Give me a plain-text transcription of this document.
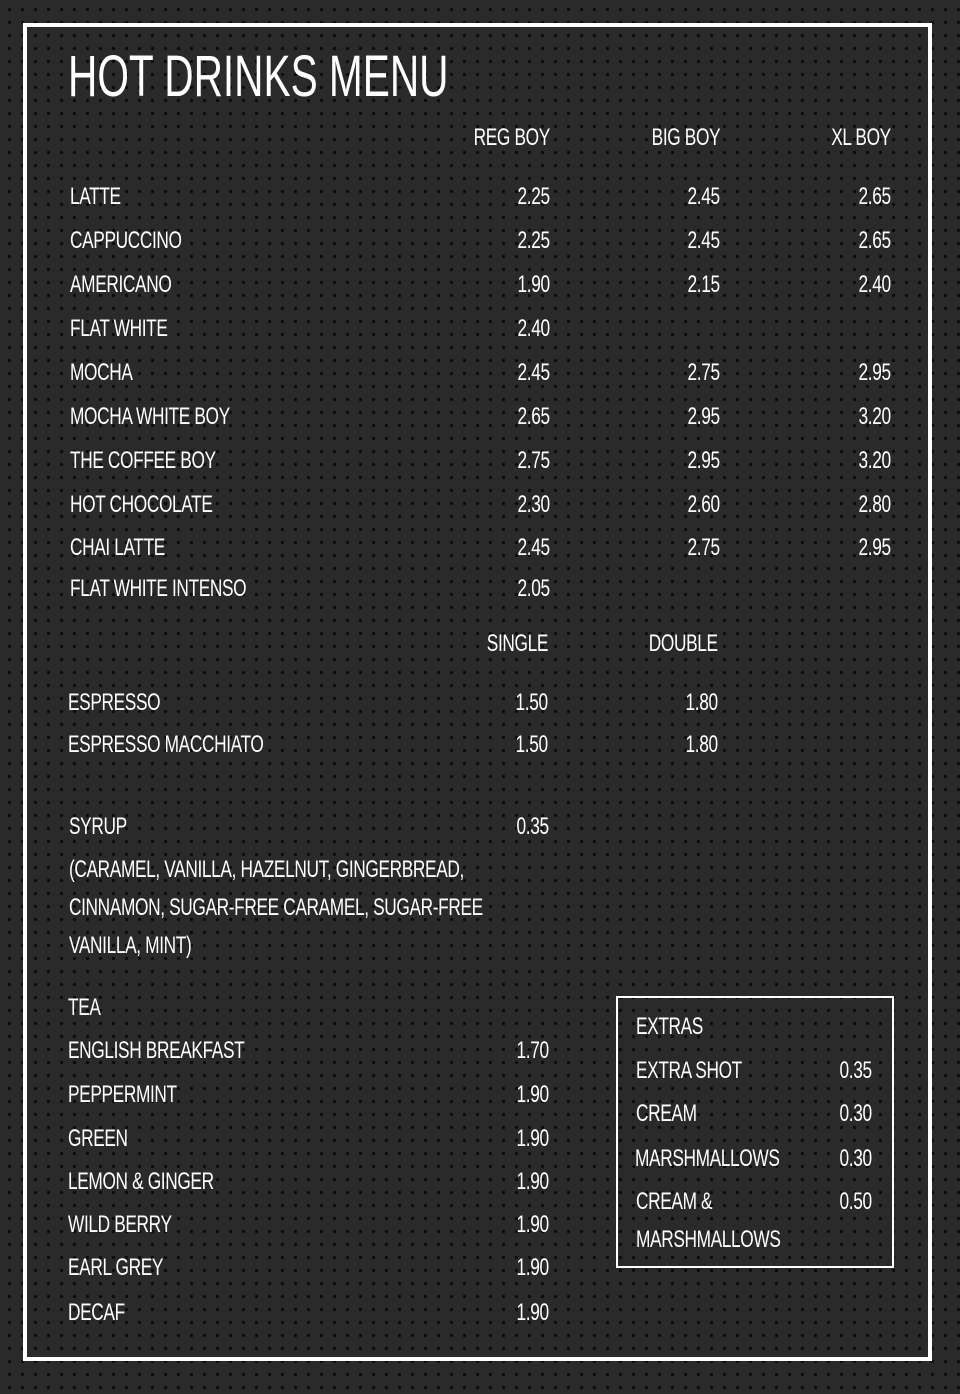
HOT DRINKS MENU
REG BOY	BIG BOY	XL BOY
LATTE	2.25	2.45	2.65
CAPPUCCINO	2.25	2.45	2.65
AMERICANO	1.90	2.15	2.40
FLAT WHITE	2.40
MOCHA	2.45	2.75	2.95
MOCHA WHITE BOY	2.65	2.95	3.20
THE COFFEE BOY	2.75	2.95	3.20
HOT CHOCOLATE	2.30	2.60	2.80
CHAI LATTE	2.45	2.75	2.95
FLAT WHITE INTENSO	2.05
SINGLE	DOUBLE
ESPRESSO	1.50	1.80
ESPRESSO MACCHIATO	1.50	1.80
SYRUP	0.35
(CARAMEL, VANILLA, HAZELNUT, GINGERBREAD,
CINNAMON, SUGAR-FREE CARAMEL, SUGAR-FREE
VANILLA, MINT)
TEA
ENGLISH BREAKFAST	1.70
PEPPERMINT	1.90
GREEN	1.90
LEMON & GINGER	1.90
WILD BERRY	1.90
EARL GREY	1.90
DECAF	1.90
EXTRAS
EXTRA SHOT	0.35
CREAM	0.30
MARSHMALLOWS	0.30
CREAM &	0.50
MARSHMALLOWS
